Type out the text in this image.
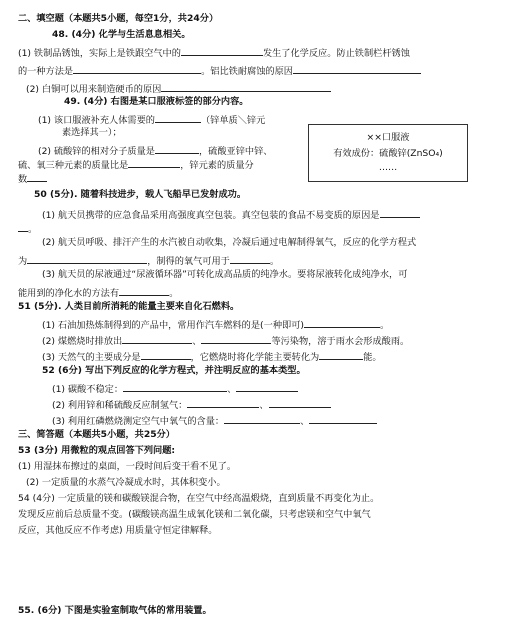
二、填空题（本题共5小题，每空1分，共24分）
48. (4分) 化学与生活息息相关。
(1) 铁制品锈蚀，实际上是铁跟空气中的	发生了化学反应。防止铁制栏杆锈蚀
的一种方法是	。铝比铁耐腐蚀的原因
(2) 白铜可以用来制造硬币的原因
49. (4分) 右图是某口服液标签的部分内容。
(1) 该口服液补充人体需要的	（锌单质＼锌元
素选择其一）；
(2) 硫酸锌的相对分子质量是	，硫酸亚锌中锌、
硫、氧三种元素的质量比是	，锌元素的质量分
数
××口服液
有效成份：硫酸锌(ZnSO₄)
……
50 (5分). 随着科技进步，载人飞船早已发射成功。
(1) 航天员携带的应急食品采用高强度真空包装。真空包装的食品不易变质的原因是
。
(2) 航天员呼吸、排汗产生的水汽被自动收集，冷凝后通过电解制得氧气，反应的化学方程式
为	，制得的氧气可用于	。
(3) 航天员的尿液通过“尿液循环器”可转化成高品质的纯净水。要将尿液转化成纯净水，可
能用到的净化水的方法有	。
51 (5分). 人类目前所消耗的能量主要来自化石燃料。
(1) 石油加热炼制得到的产品中，常用作汽车燃料的是(一种即可)	。
(2) 煤燃烧时排放出	、	等污染物，溶于雨水会形成酸雨。
(3) 天然气的主要成分是	，它燃烧时将化学能主要转化为	能。
52 (6分) 写出下列反应的化学方程式，并注明反应的基本类型。
(1) 碳酸不稳定：	、
(2) 利用锌和稀硫酸反应制氢气：	、
(3) 利用红磷燃烧测定空气中氧气的含量：	、
三、简答题（本题共5小题，共25分）
53 (3分) 用微粒的观点回答下列问题:
(1) 用湿抹布擦过的桌面，一段时间后变干看不见了。
(2) 一定质量的水蒸气冷凝成水时，其体积变小。
54 (4分) 一定质量的镁和碳酸镁混合物，在空气中经高温煅烧，直到质量不再变化为止。
发现反应前后总质量不变。(碳酸镁高温生成氧化镁和二氧化碳，只考虑镁和空气中氧气
反应，其他反应不作考虑) 用质量守恒定律解释。
55. (6分) 下图是实验室制取气体的常用装置。
